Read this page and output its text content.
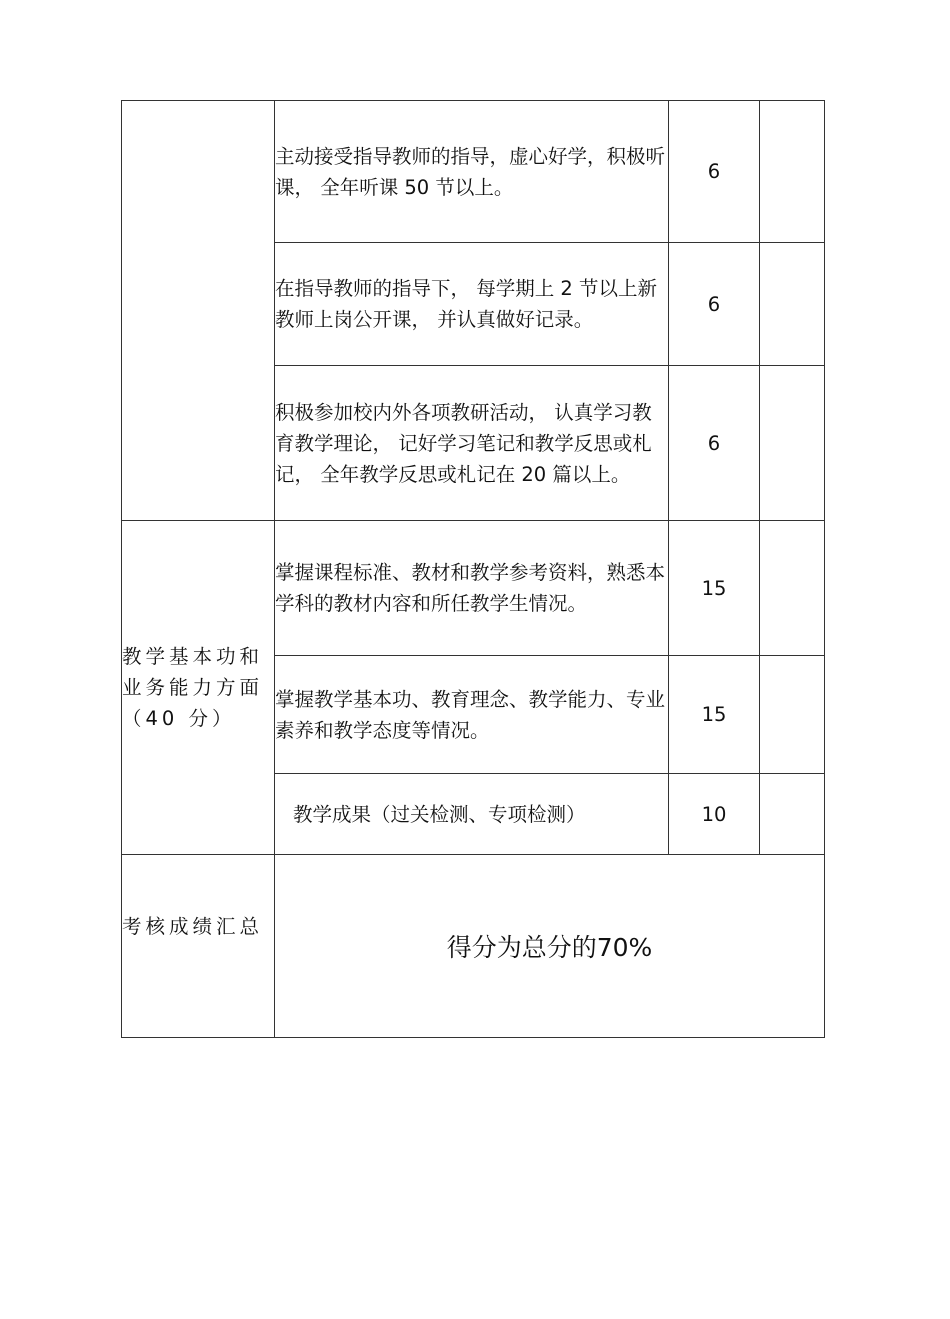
	主动接受指导教师的指导，虚心好学，积极听课， 全年听课 50 节以上。	6	
	在指导教师的指导下， 每学期上 2 节以上新教师上岗公开课， 并认真做好记录。	6	
	积极参加校内外各项教研活动， 认真学习教育教学理论， 记好学习笔记和教学反思或札记， 全年教学反思或札记在 20 篇以上。	6	
教学基本功和业务能力方面（40 分）	掌握课程标准、教材和教学参考资料，熟悉本学科的教材内容和所任教学生情况。	15	
	掌握教学基本功、教育理念、教学能力、专业素养和教学态度等情况。	15	
	教学成果（过关检测、专项检测）	10	
考核成绩汇总	得分为总分的70%		
